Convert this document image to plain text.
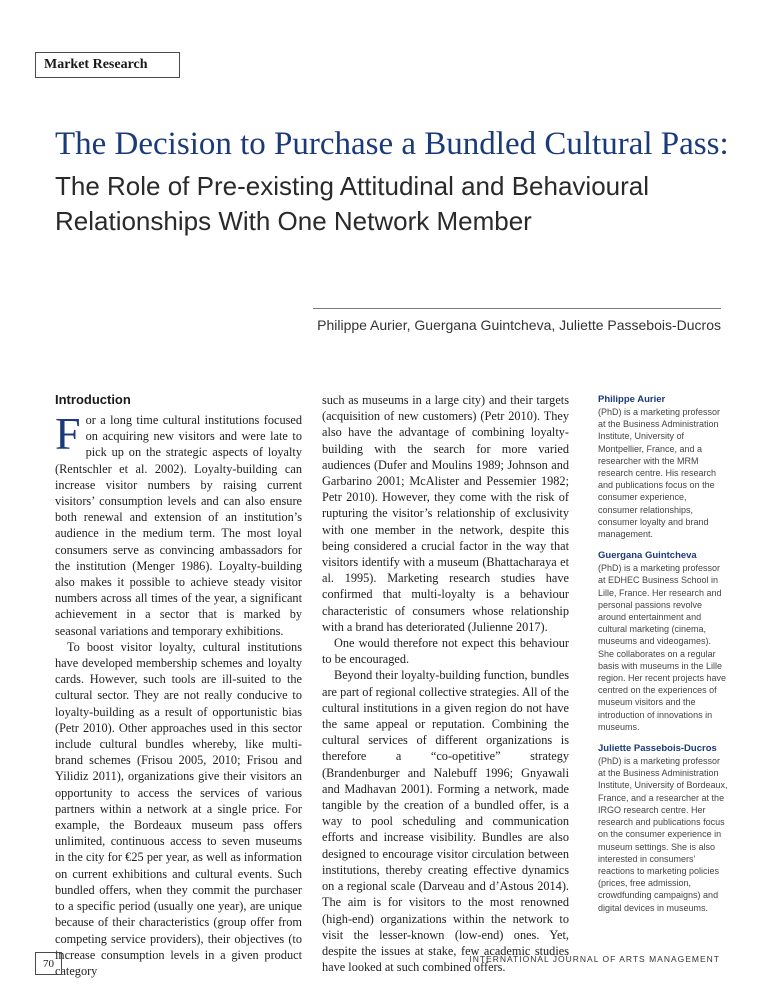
Market Research
The Decision to Purchase a Bundled Cultural Pass:
The Role of Pre-existing Attitudinal and Behavioural Relationships With One Network Member
Philippe Aurier, Guergana Guintcheva, Juliette Passebois-Ducros
Introduction

For a long time cultural institutions focused on acquiring new visitors and were late to pick up on the strategic aspects of loyalty (Rentschler et al. 2002). Loyalty-building can increase visitor numbers by raising current visitors’ consumption levels and can also ensure both renewal and extension of an institution’s audience in the medium term. The most loyal consumers serve as convincing ambassadors for the institution (Menger 1986). Loyalty-building also makes it possible to achieve steady visitor numbers across all times of the year, a significant achievement in a sector that is marked by seasonal variations and temporary exhibitions.

To boost visitor loyalty, cultural institutions have developed membership schemes and loyalty cards. However, such tools are ill-suited to the cultural sector. They are not really conducive to loyalty-building as a result of opportunistic bias (Petr 2010). Other approaches used in this sector include cultural bundles whereby, like multi-brand schemes (Frisou 2005, 2010; Frisou and Yilidiz 2011), organizations give their visitors an opportunity to access the services of various partners within a network at a single price. For example, the Bordeaux museum pass offers unlimited, continuous access to seven museums in the city for €25 per year, as well as information on current exhibitions and cultural events. Such bundled offers, when they commit the purchaser to a specific period (usually one year), are unique because of their characteristics (group offer from competing service providers), their objectives (to increase consumption levels in a given product category

such as museums in a large city) and their targets (acquisition of new customers) (Petr 2010). They also have the advantage of combining loyalty-building with the search for more varied audiences (Dufer and Moulins 1989; Johnson and Garbarino 2001; McAlister and Pessemier 1982; Petr 2010). However, they come with the risk of rupturing the visitor’s relationship of exclusivity with one member in the network, despite this being considered a crucial factor in the way that visitors identify with a museum (Bhattacharaya et al. 1995). Marketing research studies have confirmed that multi-loyalty is a behaviour characteristic of consumers whose relationship with a brand has deteriorated (Julienne 2017).

One would therefore not expect this behaviour to be encouraged.

Beyond their loyalty-building function, bundles are part of regional collective strategies. All of the cultural institutions in a given region do not have the same appeal or reputation. Combining the cultural services of different organizations is therefore a “co-opetitive” strategy (Brandenburger and Nalebuff 1996; Gnyawali and Madhavan 2001). Forming a network, made tangible by the creation of a bundled offer, is a way to pool scheduling and communication efforts and increase visibility. Bundles are also designed to encourage visitor circulation between institutions, thereby creating effective dynamics on a regional scale (Darveau and d’Astous 2014). The aim is for visitors to the most renowned (high-end) organizations within the network to visit the lesser-known (low-end) ones. Yet, despite the issues at stake, few academic studies have looked at such combined offers.

Philippe Aurier
(PhD) is a marketing professor at the Business Administration Institute, University of Montpellier, France, and a researcher with the MRM research centre. His research and publications focus on the consumer experience, consumer relationships, consumer loyalty and brand management.
Guergana Guintcheva
(PhD) is a marketing professor at EDHEC Business School in Lille, France. Her research and personal passions revolve around entertainment and cultural marketing (cinema, museums and videogames). She collaborates on a regular basis with museums in the Lille region. Her recent projects have centred on the experiences of museum visitors and the introduction of innovations in museums.
Juliette Passebois-Ducros
(PhD) is a marketing professor at the Business Administration Institute, University of Bordeaux, France, and a researcher at the IRGO research centre. Her research and publications focus on the consumer experience in museum settings. She is also interested in consumers’ reactions to marketing policies (prices, free admission, crowdfunding campaigns) and digital devices in museums.
70	INTERNATIONAL JOURNAL OF ARTS MANAGEMENT
